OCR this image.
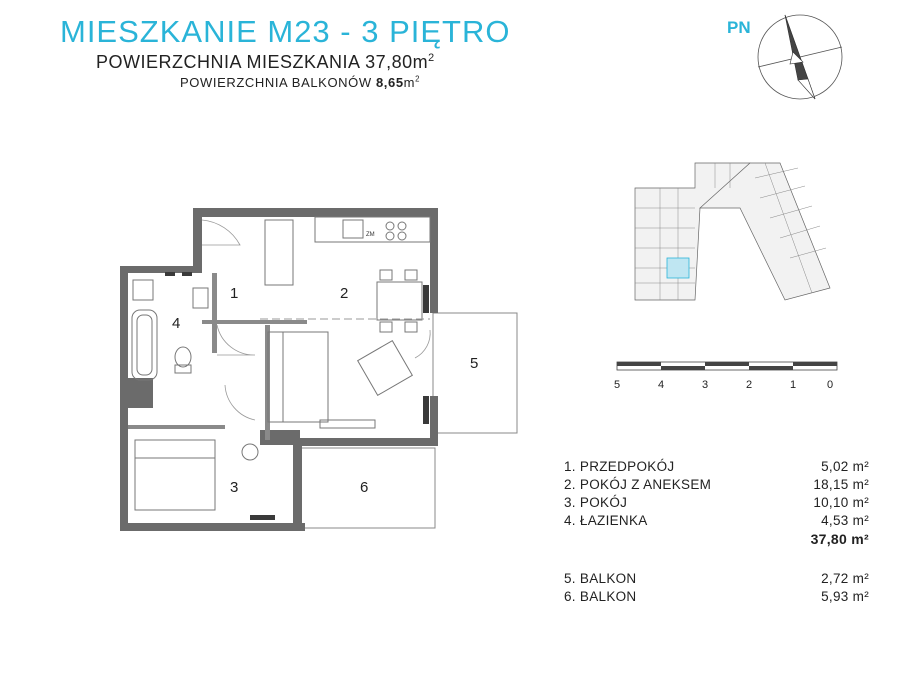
MIESZKANIE M23 - 3 PIĘTRO
POWIERZCHNIA MIESZKANIA $37,80m^2$
POWIERZCHNIA BALKONÓW $8,65m^2$
PN
ZM
1	2
3
4
5
6
5	4	3	2	1	0
1. PRZEDPOKÓJ	5,02 m²
2. POKÓJ Z ANEKSEM	18,15 m²
3. POKÓJ	10,10 m²
4. ŁAZIENKA	4,53 m²
37,80 m²
5. BALKON	2,72 m²
6. BALKON	5,93 m²
